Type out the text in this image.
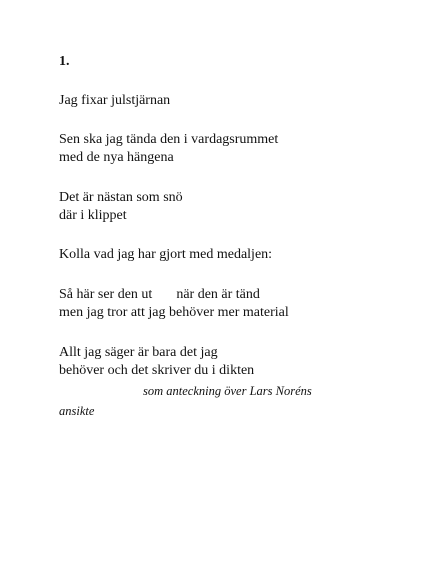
1.
Jag fixar julstjärnan
Sen ska jag tända den i vardagsrummet
med de nya hängena
Det är nästan som snö
där i klippet
Kolla vad jag har gjort med medaljen:
Så här ser den ut när den är tänd
men jag tror att jag behöver mer material
Allt jag säger är bara det jag
behöver och det skriver du i dikten
som anteckning över Lars Noréns
ansikte
